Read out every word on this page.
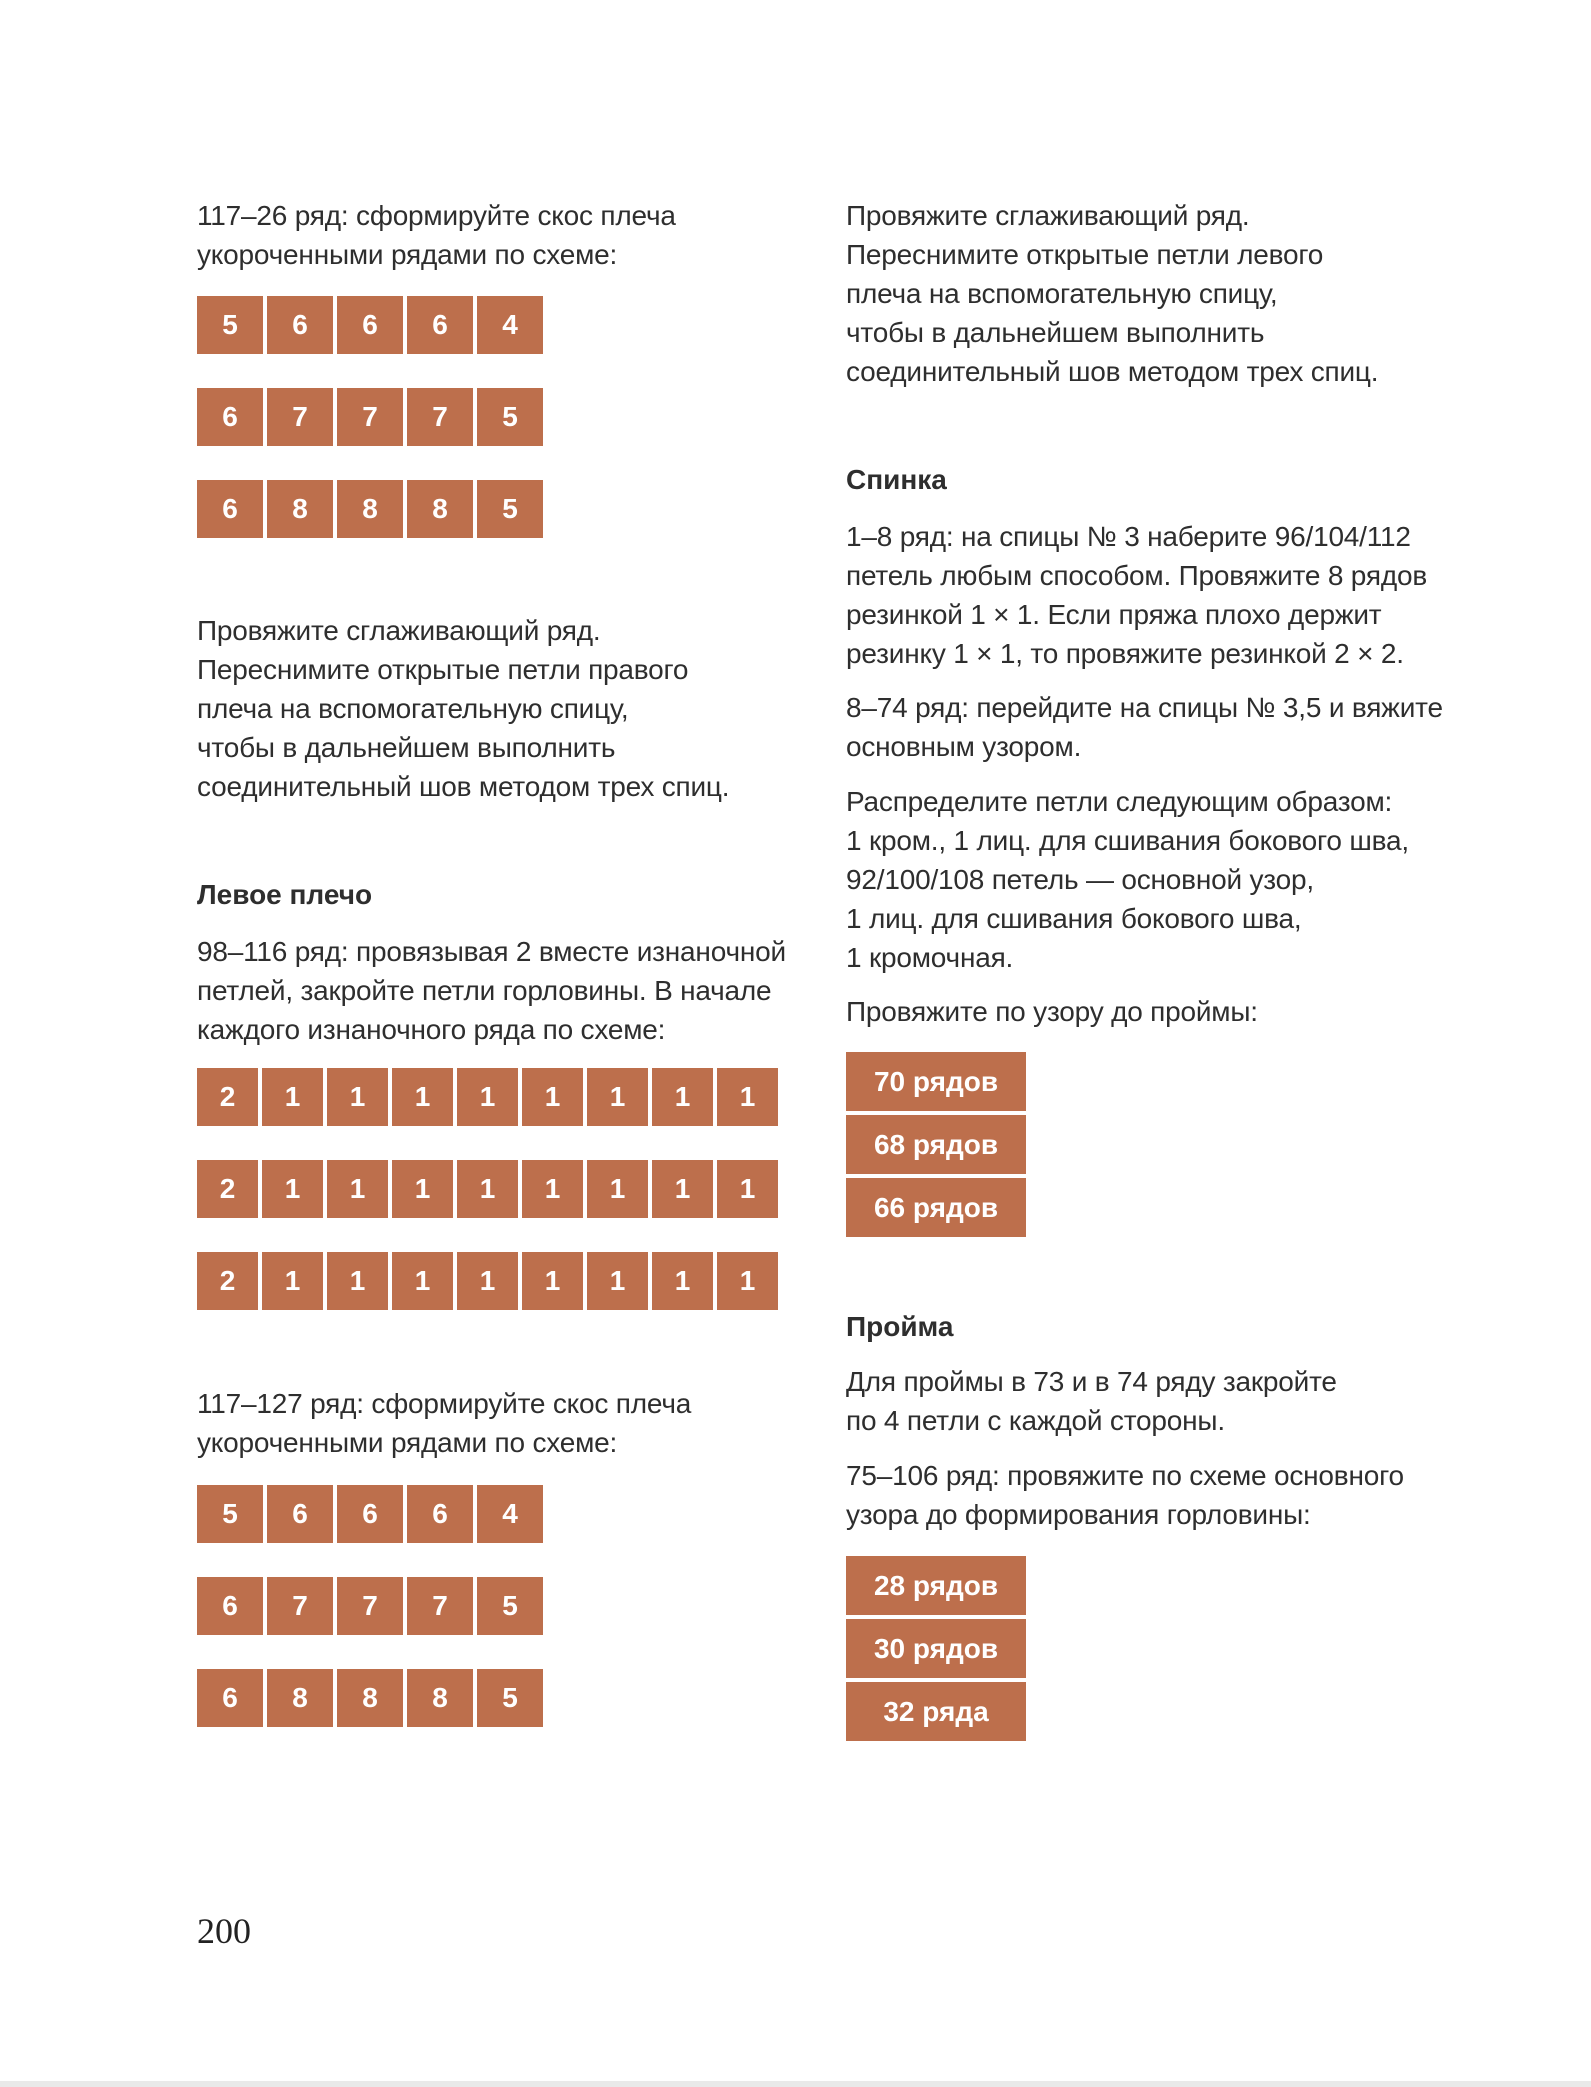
117–26 ряд: сформируйте скос плеча

укороченными рядами по схеме:

5	6	6	6	4
6	7	7	7	5
6	8	8	8	5

Провяжите сглаживающий ряд.

Переснимите открытые петли правого

плеча на вспомогательную спицу,

чтобы в дальнейшем выполнить

соединительный шов методом трех спиц.

Левое плечо

98–116 ряд: провязывая 2 вместе изнаночной

петлей, закройте петли горловины. В начале

каждого изнаночного ряда по схеме:

2	1	1	1	1	1	1	1	1
2	1	1	1	1	1	1	1	1
2	1	1	1	1	1	1	1	1

117–127 ряд: сформируйте скос плеча

укороченными рядами по схеме:

5	6	6	6	4
6	7	7	7	5
6	8	8	8	5

Провяжите сглаживающий ряд.

Переснимите открытые петли левого

плеча на вспомогательную спицу,

чтобы в дальнейшем выполнить

соединительный шов методом трех спиц.

Спинка

1–8 ряд: на спицы № 3 наберите 96/104/112

петель любым способом. Провяжите 8 рядов

резинкой 1 × 1. Если пряжа плохо держит

резинку 1 × 1, то провяжите резинкой 2 × 2.

8–74 ряд: перейдите на спицы № 3,5 и вяжите

основным узором.

Распределите петли следующим образом:

1 кром., 1 лиц. для сшивания бокового шва,

92/100/108 петель — основной узор,

1 лиц. для сшивания бокового шва,

1 кромочная.

Провяжите по узору до проймы:

70 рядов
68 рядов
66 рядов

Пройма

Для проймы в 73 и в 74 ряду закройте

по 4 петли с каждой стороны.

75–106 ряд: провяжите по схеме основного

узора до формирования горловины:

28 рядов
30 рядов
32 ряда
200
